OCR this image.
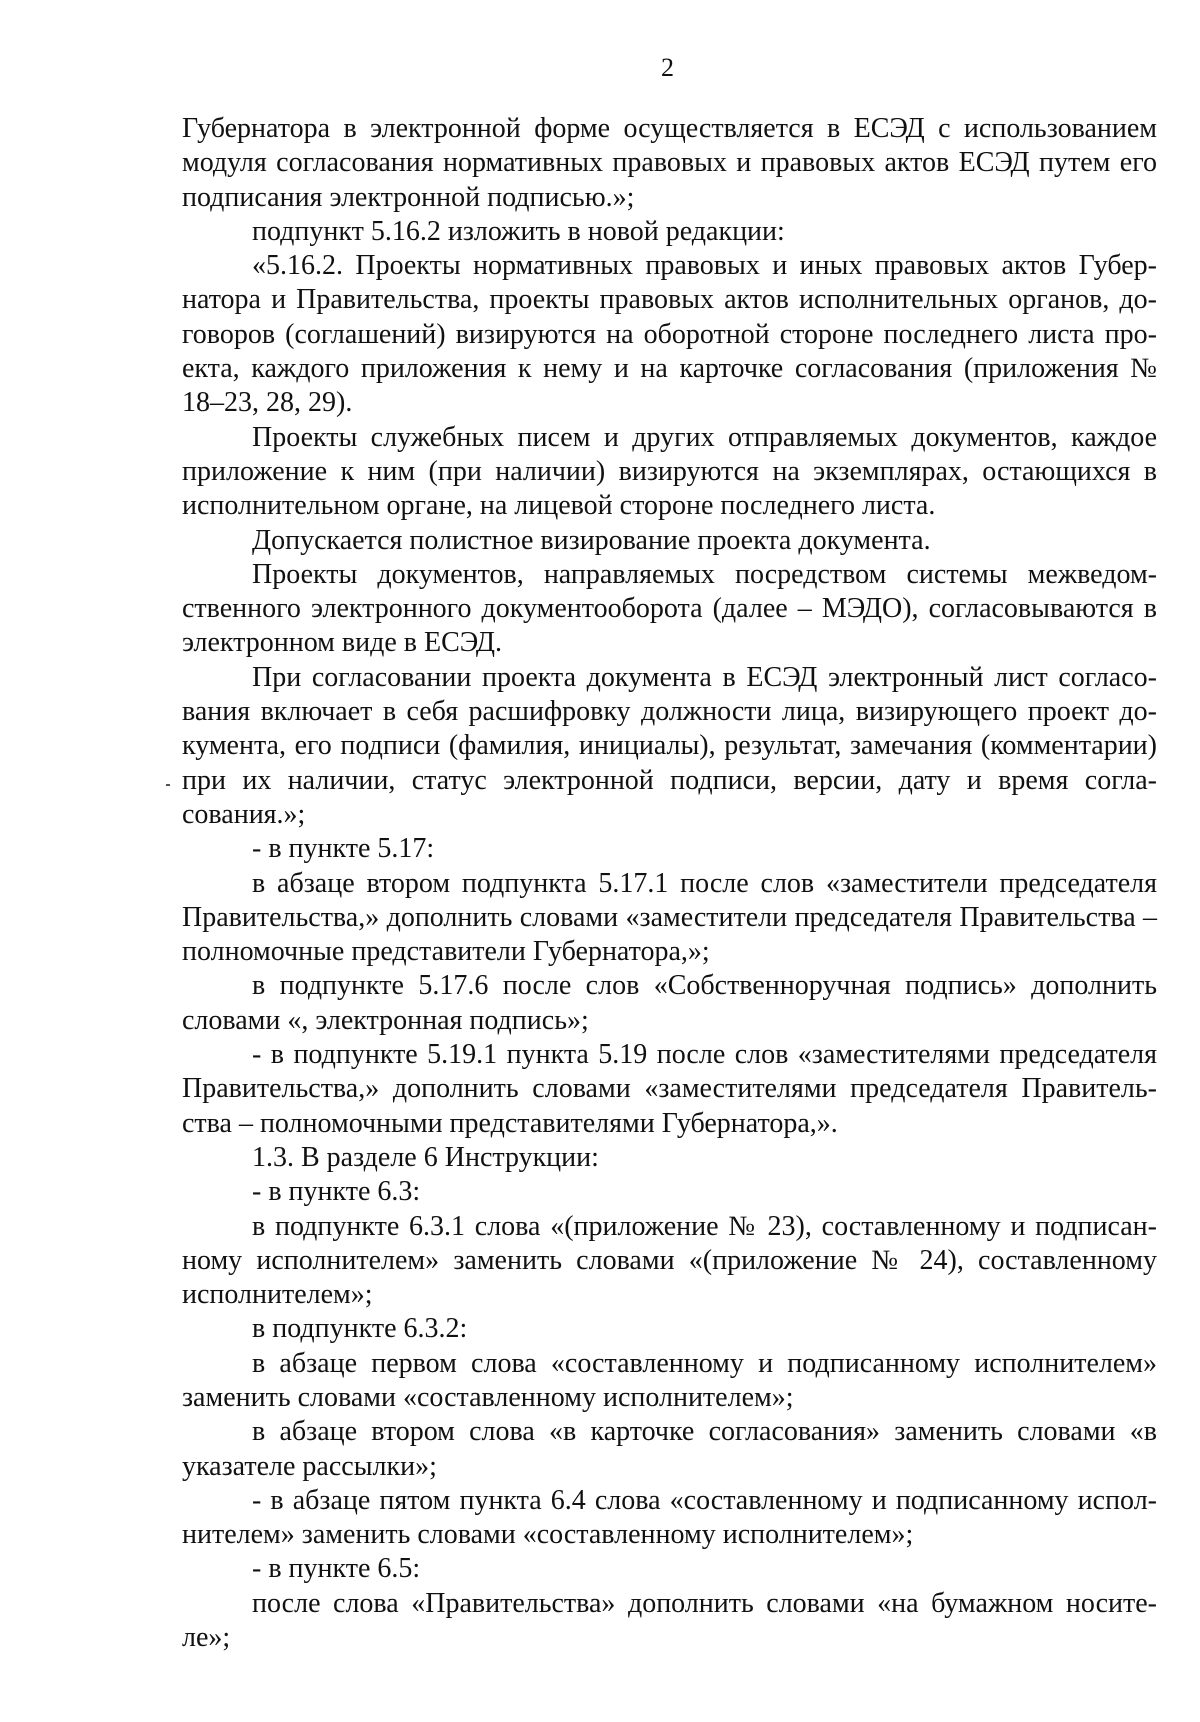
2

Губернатора в электронной форме осуществляется в ЕСЭД с использованием модуля согласования нормативных правовых и правовых актов ЕСЭД путем его подписания электронной подписью.»;

подпункт 5.16.2 изложить в новой редакции:

«5.16.2. Проекты нормативных правовых и иных правовых актов Губернатора и Правительства, проекты правовых актов исполнительных органов, договоров (соглашений) визируются на оборотной стороне последнего листа проекта, каждого приложения к нему и на карточке согласования (приложения № 18–23, 28, 29).

Проекты служебных писем и других отправляемых документов, каждое приложение к ним (при наличии) визируются на экземплярах, остающихся в исполнительном органе, на лицевой стороне последнего листа.

Допускается полистное визирование проекта документа.

Проекты документов, направляемых посредством системы межведомственного электронного документооборота (далее – МЭДО), согласовываются в электронном виде в ЕСЭД.

При согласовании проекта документа в ЕСЭД электронный лист согласования включает в себя расшифровку должности лица, визирующего проект документа, его подписи (фамилия, инициалы), результат, замечания (комментарии) при их наличии, статус электронной подписи, версии, дату и время согласования.»;

- в пункте 5.17:

в абзаце втором подпункта 5.17.1 после слов «заместители председателя Правительства,» дополнить словами «заместители председателя Правительства – полномочные представители Губернатора,»;

в подпункте 5.17.6 после слов «Собственноручная подпись» дополнить словами «, электронная подпись»;

- в подпункте 5.19.1 пункта 5.19 после слов «заместителями председателя Правительства,» дополнить словами «заместителями председателя Правительства – полномочными представителями Губернатора,».

1.3. В разделе 6 Инструкции:

- в пункте 6.3:

в подпункте 6.3.1 слова «(приложение № 23), составленному и подписанному исполнителем» заменить словами «(приложение № 24), составленному исполнителем»;

в подпункте 6.3.2:

в абзаце первом слова «составленному и подписанному исполнителем» заменить словами «составленному исполнителем»;

в абзаце втором слова «в карточке согласования» заменить словами «в указателе рассылки»;

- в абзаце пятом пункта 6.4 слова «составленному и подписанному исполнителем» заменить словами «составленному исполнителем»;

- в пункте 6.5:

после слова «Правительства» дополнить словами «на бумажном носителе»;
